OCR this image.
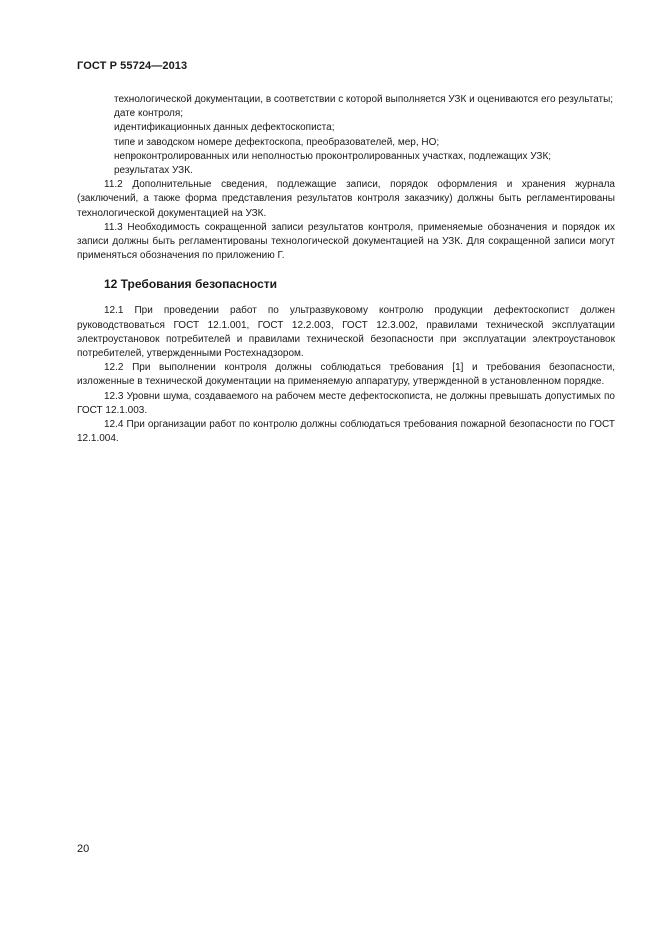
ГОСТ Р 55724—2013

- технологической документации, в соответствии с которой выполняется УЗК и оцениваются его результаты;

- дате контроля;

- идентификационных данных дефектоскописта;

- типе и заводском номере дефектоскопа, преобразователей, мер, НО;

- непроконтролированных или неполностью проконтролированных участках, подлежащих УЗК;

- результатах УЗК.

11.2 Дополнительные сведения, подлежащие записи, порядок оформления и хранения журнала (заключений, а также форма представления результатов контроля заказчику) должны быть регламентированы технологической документацией на УЗК.

11.3 Необходимость сокращенной записи результатов контроля, применяемые обозначения и порядок их записи должны быть регламентированы технологической документацией на УЗК. Для сокращенной записи могут применяться обозначения по приложению Г.

12 Требования безопасности

12.1 При проведении работ по ультразвуковому контролю продукции дефектоскопист должен руководствоваться ГОСТ 12.1.001, ГОСТ 12.2.003, ГОСТ 12.3.002, правилами технической эксплуатации электроустановок потребителей и правилами технической безопасности при эксплуатации электроустановок потребителей, утвержденными Ростехнадзором.

12.2 При выполнении контроля должны соблюдаться требования [1] и требования безопасности, изложенные в технической документации на применяемую аппаратуру, утвержденной в установленном порядке.

12.3 Уровни шума, создаваемого на рабочем месте дефектоскописта, не должны превышать допустимых по ГОСТ 12.1.003.

12.4 При организации работ по контролю должны соблюдаться требования пожарной безопасности по ГОСТ 12.1.004.

20
